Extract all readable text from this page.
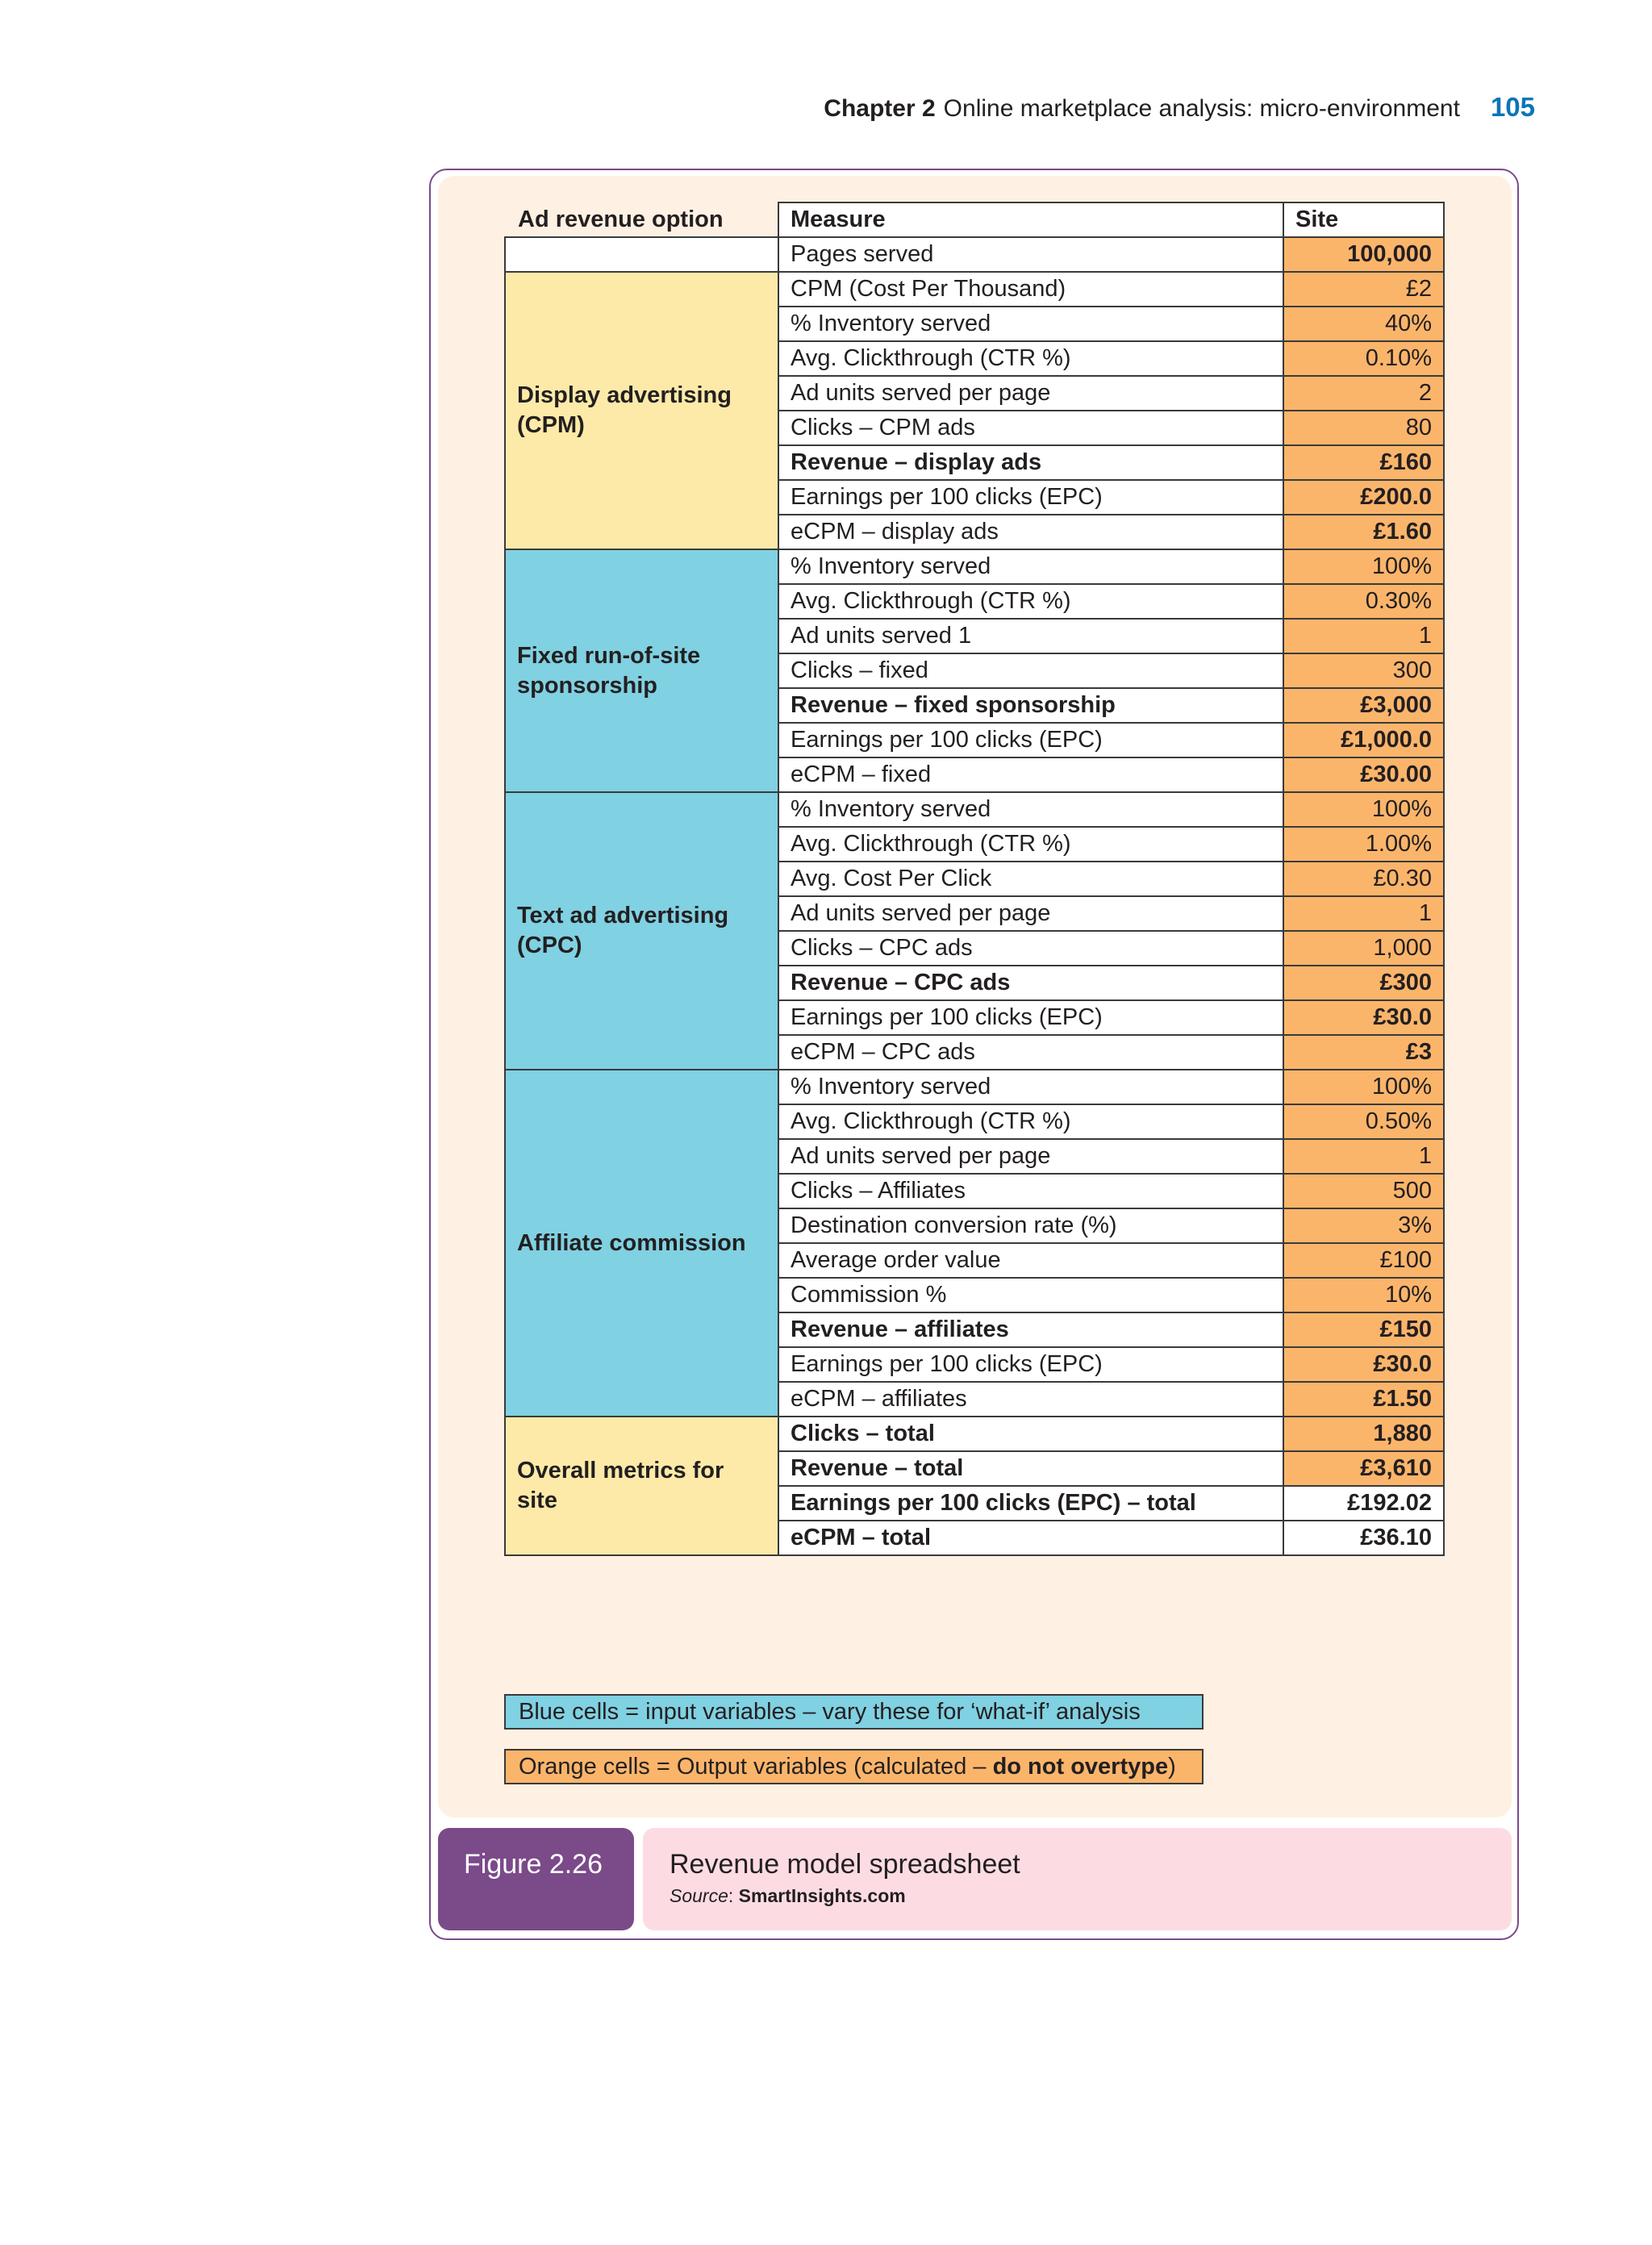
Chapter 2 Online marketplace analysis: micro-environment 105
Ad revenue option	Measure	Site
	Pages served	100,000
Display advertising (CPM)	CPM (Cost Per Thousand)	£2
	% Inventory served	40%
	Avg. Clickthrough (CTR %)	0.10%
	Ad units served per page	2
	Clicks – CPM ads	80
	Revenue – display ads	£160
	Earnings per 100 clicks (EPC)	£200.0
	eCPM – display ads	£1.60
Fixed run-of-site sponsorship	% Inventory served	100%
	Avg. Clickthrough (CTR %)	0.30%
	Ad units served 1	1
	Clicks – fixed	300
	Revenue – fixed sponsorship	£3,000
	Earnings per 100 clicks (EPC)	£1,000.0
	eCPM – fixed	£30.00
Text ad advertising (CPC)	% Inventory served	100%
	Avg. Clickthrough (CTR %)	1.00%
	Avg. Cost Per Click	£0.30
	Ad units served per page	1
	Clicks – CPC ads	1,000
	Revenue – CPC ads	£300
	Earnings per 100 clicks (EPC)	£30.0
	eCPM – CPC ads	£3
Affiliate commission	% Inventory served	100%
	Avg. Clickthrough (CTR %)	0.50%
	Ad units served per page	1
	Clicks – Affiliates	500
	Destination conversion rate (%)	3%
	Average order value	£100
	Commission %	10%
	Revenue – affiliates	£150
	Earnings per 100 clicks (EPC)	£30.0
	eCPM – affiliates	£1.50
Overall metrics for site	Clicks – total	1,880
	Revenue – total	£3,610
	Earnings per 100 clicks (EPC) – total	£192.02
	eCPM – total	£36.10
Blue cells = input variables – vary these for ‘what-if’ analysis
Orange cells = Output variables (calculated – do not overtype)
Figure 2.26	Revenue model spreadsheet
Source: SmartInsights.com
